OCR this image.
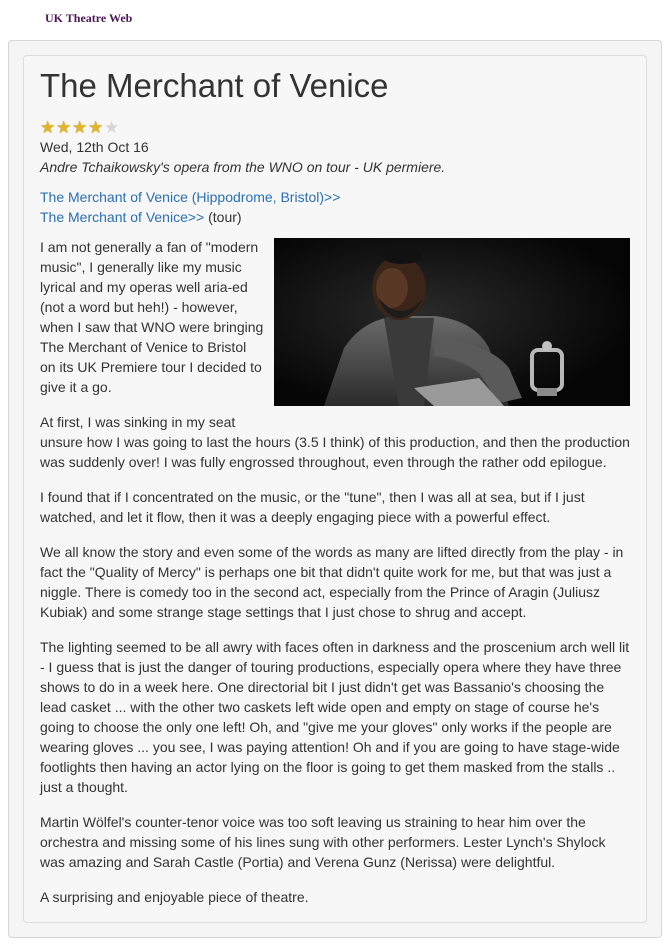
UK Theatre Web
The Merchant of Venice
★ ★ ★ ★ ★
Wed, 12th Oct 16
Andre Tchaikowsky's opera from the WNO on tour - UK permiere.
The Merchant of Venice (Hippodrome, Bristol)>>
The Merchant of Venice>> (tour)

I am not generally a fan of "modern music", I generally like my music lyrical and my operas well aria-ed (not a word but heh!) - however, when I saw that WNO were bringing The Merchant of Venice to Bristol on its UK Premiere tour I decided to give it a go.

At first, I was sinking in my seat unsure how I was going to last the hours (3.5 I think) of this production, and then the production was suddenly over! I was fully engrossed throughout, even through the rather odd epilogue.

I found that if I concentrated on the music, or the "tune", then I was all at sea, but if I just watched, and let it flow, then it was a deeply engaging piece with a powerful effect.

We all know the story and even some of the words as many are lifted directly from the play - in fact the "Quality of Mercy" is perhaps one bit that didn't quite work for me, but that was just a niggle. There is comedy too in the second act, especially from the Prince of Aragin (Juliusz Kubiak) and some strange stage settings that I just chose to shrug and accept.

The lighting seemed to be all awry with faces often in darkness and the proscenium arch well lit - I guess that is just the danger of touring productions, especially opera where they have three shows to do in a week here. One directorial bit I just didn't get was Bassanio's choosing the lead casket ... with the other two caskets left wide open and empty on stage of course he's going to choose the only one left! Oh, and "give me your gloves" only works if the people are wearing gloves ... you see, I was paying attention! Oh and if you are going to have stage-wide footlights then having an actor lying on the floor is going to get them masked from the stalls .. just a thought.

Martin Wölfel's counter-tenor voice was too soft leaving us straining to hear him over the orchestra and missing some of his lines sung with other performers. Lester Lynch's Shylock was amazing and Sarah Castle (Portia) and Verena Gunz (Nerissa) were delightful.

A surprising and enjoyable piece of theatre.
